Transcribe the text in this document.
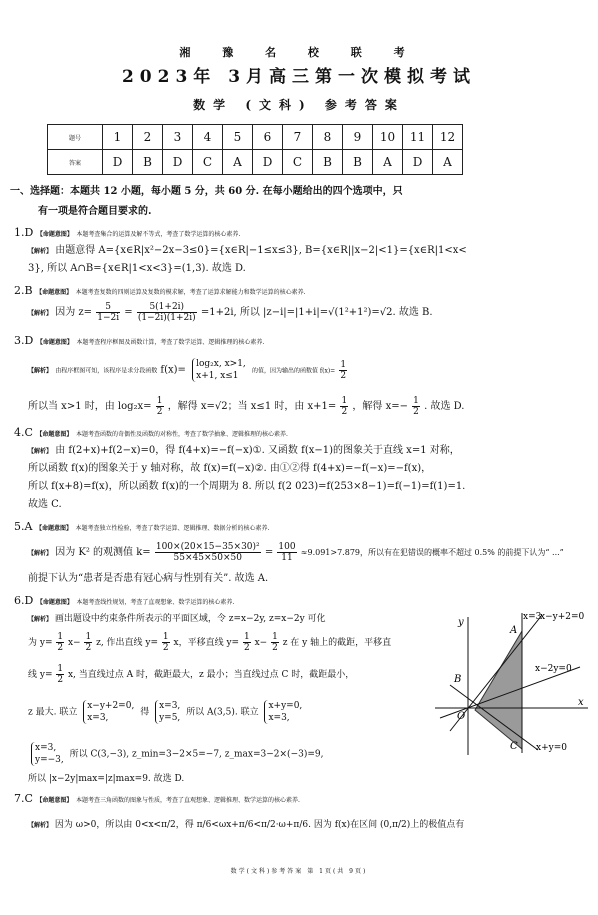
湘 豫 名 校 联 考
2023年 3月高三第一次模拟考试
数学 (文科) 参考答案
题号	1	2	3	4	5	6	7	8	9	10	11	12
答案	D	B	D	C	A	D	C	B	B	A	D	A
一、选择题：本题共 12 小题，每小题 5 分，共 60 分. 在每小题给出的四个选项中，只
有一项是符合题目要求的.
1.D 【命题意图】 本题考查集合的运算及解不等式，考查了数学运算的核心素养.
【解析】 由题意得 A={x∈R|x²−2x−3≤0}={x∈R|−1≤x≤3}, B={x∈R||x−2|<1}={x∈R|1<x<
3}, 所以 A∩B={x∈R|1<x<3}=(1,3). 故选 D.
2.B 【命题意图】 本题考查复数的四则运算及复数的模求解，考查了运算求解能力和数学运算的核心素养.
【解析】 因为 $z= \frac{5}{1-2i} = \frac{5(1+2i)}{(1-2i)(1+2i)} =1+2i$, 所以 |z−i|=|1+i|=√(1²+1²)=√2. 故选 B.
3.D 【命题意图】 本题考查程序框图及函数计算，考查了数学运算、逻辑推理的核心素养.
【解析】 由程序框图可知，该程序是求分段函数 f(x)=
log₂x, x>1,
x+1, x≤1	的值，因为输出的函数值 $f(x)= \frac{1}{2}$
所以当 x>1 时，由 $\log_2x= \frac{1}{2}$ ，解得 x=√2；当 x≤1 时，由 $x+1= \frac{1}{2}$ ，解得 $x=- \frac{1}{2}$ . 故选 D.
4.C 【命题意图】 本题考查函数的奇偶性及函数的对称性，考查了数学抽象、逻辑推理的核心素养.
【解析】 由 f(2+x)+f(2−x)=0，得 f(4+x)=−f(−x)①. 又函数 f(x−1)的图象关于直线 x=1 对称，
所以函数 f(x)的图象关于 y 轴对称，故 f(x)=f(−x)②. 由①②得 f(4+x)=−f(−x)=−f(x)，
所以 f(x+8)=f(x)，所以函数 f(x)的一个周期为 8. 所以 f(2 023)=f(253×8−1)=f(−1)=f(1)=1.
故选 C.
5.A 【命题意图】 本题考查独立性检验，考查了数学运算、逻辑推理、数据分析的核心素养.
【解析】 因为 K² 的观测值 $k= \frac{\text{100×(20×15−35×30)²}}{55\times 45\times 50\times 50} = \frac{100}{11} \approx 9.091>7.879$，所以有在犯错误的概率不超过 0.5% 的前提下认为“ ...”
前提下认为“患者是否患有冠心病与性别有关”. 故选 A.
6.D 【命题意图】 本题考查线性规划，考查了直观想象、数学运算的核心素养.
【解析】 画出题设中约束条件所表示的平面区域，令 z=x−2y, z=x−2y 可化
为 $y= \frac{1}{2} x- \frac{1}{2} z$, 作出直线 $y= \frac{1}{2}$ x，平移直线 $y= \frac{1}{2} x- \frac{1}{2}$ z 在 y 轴上的截距，平移直
线 $y= \frac{1}{2} x$, 当直线过点 A 时，截距最大，z 最小；当直线过点 C 时，截距最小，
z 最大. 联立
x−y+2=0,
x=3,
得
x=3,
y=5,
所以 A(3,5). 联立
x+y=0,
x=3,
x=3,
y=−3,
所以 C(3,−3), z_min=3−2×5=−7, z_max=3−2×(−3)=9,
所以 |x−2y|max=|z|max=9. 故选 D.
x=3
x−y+2=0
x−2y=0
x+y=0
A
B
C
O
x
y
7.C 【命题意图】 本题考查三角函数的图象与性质，考查了直观想象、逻辑推理、数学运算的核心素养.
【解析】 因为 ω>0，所以由 0<x<π/2，得 π/6<ωx+π/6<π/2·ω+π/6. 因为 f(x)在区间 (0,π/2)上的极值点有
数学(文科)参考答案 第 1页(共 9页)
